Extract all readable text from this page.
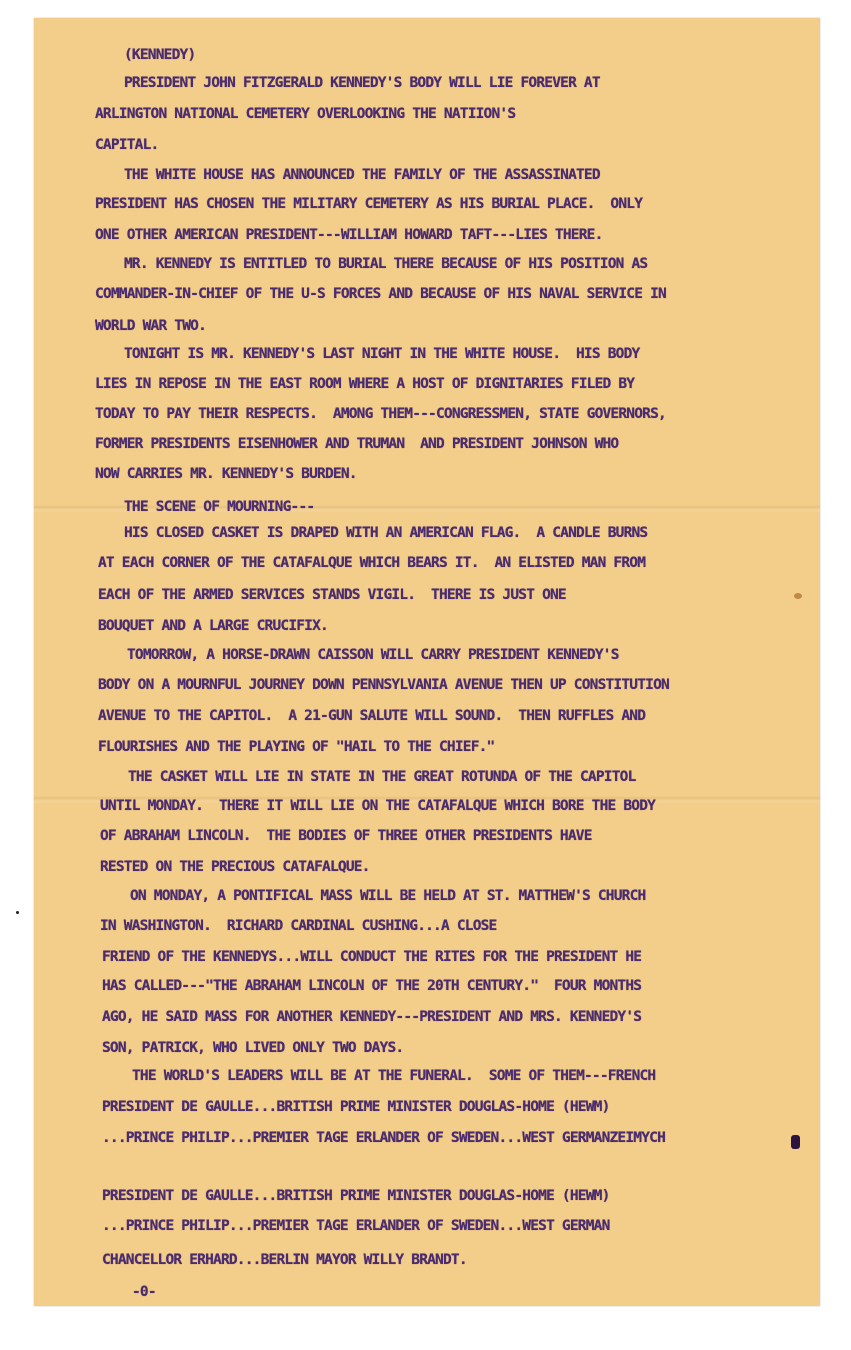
(KENNEDY)

PRESIDENT JOHN FITZGERALD KENNEDY'S BODY WILL LIE FOREVER AT

ARLINGTON NATIONAL CEMETERY OVERLOOKING THE NATIION'S

CAPITAL.

THE WHITE HOUSE HAS ANNOUNCED THE FAMILY OF THE ASSASSINATED

PRESIDENT HAS CHOSEN THE MILITARY CEMETERY AS HIS BURIAL PLACE.  ONLY

ONE OTHER AMERICAN PRESIDENT---WILLIAM HOWARD TAFT---LIES THERE.

MR. KENNEDY IS ENTITLED TO BURIAL THERE BECAUSE OF HIS POSITION AS

COMMANDER-IN-CHIEF OF THE U-S FORCES AND BECAUSE OF HIS NAVAL SERVICE IN

WORLD WAR TWO.

TONIGHT IS MR. KENNEDY'S LAST NIGHT IN THE WHITE HOUSE.  HIS BODY

LIES IN REPOSE IN THE EAST ROOM WHERE A HOST OF DIGNITARIES FILED BY

TODAY TO PAY THEIR RESPECTS.  AMONG THEM---CONGRESSMEN, STATE GOVERNORS,

FORMER PRESIDENTS EISENHOWER AND TRUMAN  AND PRESIDENT JOHNSON WHO

NOW CARRIES MR. KENNEDY'S BURDEN.

THE SCENE OF MOURNING---

HIS CLOSED CASKET IS DRAPED WITH AN AMERICAN FLAG.  A CANDLE BURNS

AT EACH CORNER OF THE CATAFALQUE WHICH BEARS IT.  AN ELISTED MAN FROM

EACH OF THE ARMED SERVICES STANDS VIGIL.  THERE IS JUST ONE

BOUQUET AND A LARGE CRUCIFIX.

TOMORROW, A HORSE-DRAWN CAISSON WILL CARRY PRESIDENT KENNEDY'S

BODY ON A MOURNFUL JOURNEY DOWN PENNSYLVANIA AVENUE THEN UP CONSTITUTION

AVENUE TO THE CAPITOL.  A 21-GUN SALUTE WILL SOUND.  THEN RUFFLES AND

FLOURISHES AND THE PLAYING OF "HAIL TO THE CHIEF."

THE CASKET WILL LIE IN STATE IN THE GREAT ROTUNDA OF THE CAPITOL

UNTIL MONDAY.  THERE IT WILL LIE ON THE CATAFALQUE WHICH BORE THE BODY

OF ABRAHAM LINCOLN.  THE BODIES OF THREE OTHER PRESIDENTS HAVE

RESTED ON THE PRECIOUS CATAFALQUE.

ON MONDAY, A PONTIFICAL MASS WILL BE HELD AT ST. MATTHEW'S CHURCH

IN WASHINGTON.  RICHARD CARDINAL CUSHING...A CLOSE

FRIEND OF THE KENNEDYS...WILL CONDUCT THE RITES FOR THE PRESIDENT HE

HAS CALLED---"THE ABRAHAM LINCOLN OF THE 20TH CENTURY."  FOUR MONTHS

AGO, HE SAID MASS FOR ANOTHER KENNEDY---PRESIDENT AND MRS. KENNEDY'S

SON, PATRICK, WHO LIVED ONLY TWO DAYS.

THE WORLD'S LEADERS WILL BE AT THE FUNERAL.  SOME OF THEM---FRENCH

PRESIDENT DE GAULLE...BRITISH PRIME MINISTER DOUGLAS-HOME (HEWM)

...PRINCE PHILIP...PREMIER TAGE ERLANDER OF SWEDEN...WEST GERMANZEIMYCH

PRESIDENT DE GAULLE...BRITISH PRIME MINISTER DOUGLAS-HOME (HEWM)

...PRINCE PHILIP...PREMIER TAGE ERLANDER OF SWEDEN...WEST GERMAN

CHANCELLOR ERHARD...BERLIN MAYOR WILLY BRANDT.

-0-
